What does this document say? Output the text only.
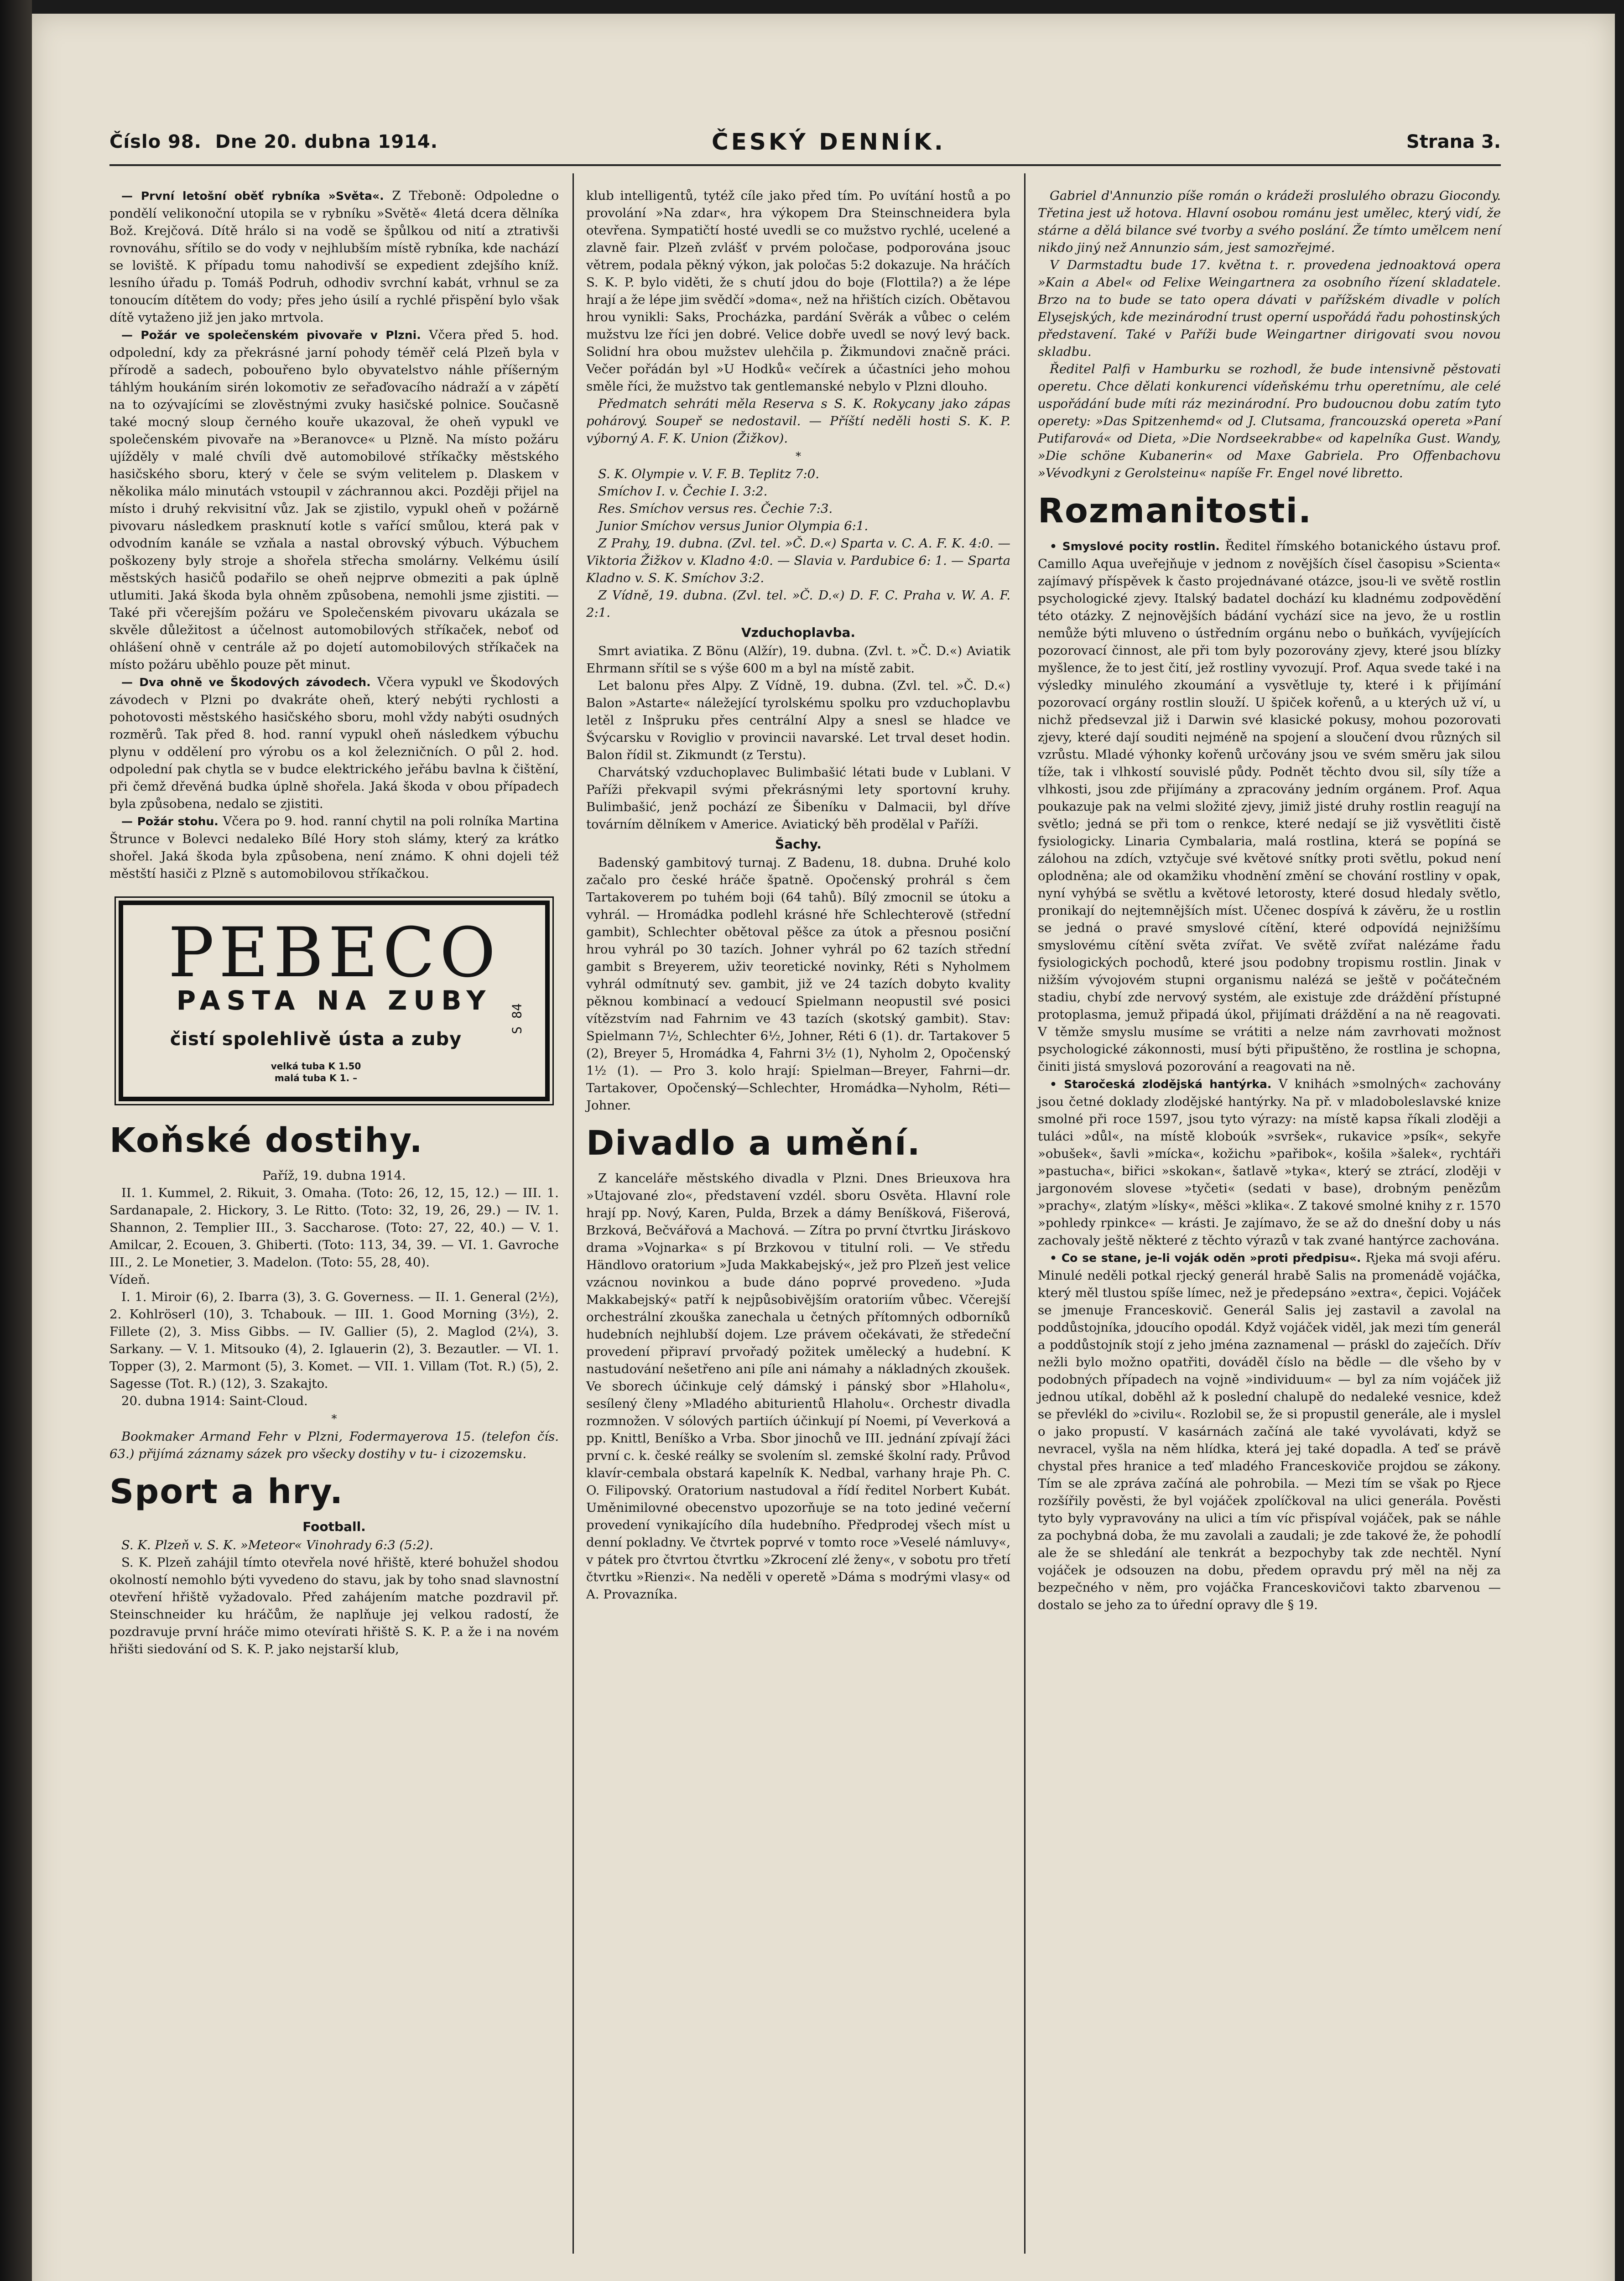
Číslo 98. Dne 20. dubna 1914.	ČESKÝ DENNÍK.	Strana 3.

— První letošní oběť rybníka »Světa«. Z Třeboně: Odpoledne o pondělí velikonoční utopila se v rybníku »Světě« 4letá dcera dělníka Bož. Krejčová. Dítě hrálo si na vodě se špůlkou od nití a ztrativši rovnováhu, sřítilo se do vody v nejhlubším místě rybníka, kde nachází se loviště. K případu tomu nahodivší se expedient zdejšího kníž. lesního úřadu p. Tomáš Podruh, odhodiv svrchní kabát, vrhnul se za tonoucím dítětem do vody; přes jeho úsilí a rychlé přispění bylo však dítě vytaženo již jen jako mrtvola.

— Požár ve společenském pivovaře v Plzni. Včera před 5. hod. odpolední, kdy za překrásné jarní pohody téměř celá Plzeň byla v přírodě a sadech, pobouřeno bylo obyvatelstvo náhle příšerným táhlým houkáním sirén lokomotiv ze seřaďovacího nádraží a v zápětí na to ozývajícími se zlověstnými zvuky hasičské polnice. Současně také mocný sloup černého kouře ukazoval, že oheň vypukl ve společenském pivovaře na »Beranovce« u Plzně. Na místo požáru ujížděly v malé chvíli dvě automobilové stříkačky městského hasičského sboru, který v čele se svým velitelem p. Dlaskem v několika málo minutách vstoupil v záchrannou akci. Později přijel na místo i druhý rekvisitní vůz. Jak se zjistilo, vypukl oheň v požárně pivovaru následkem prasknutí kotle s vařící smůlou, která pak v odvodním kanále se vzňala a nastal obrovský výbuch. Výbuchem poškozeny byly stroje a shořela střecha smolárny. Velkému úsilí městských hasičů podařilo se oheň nejprve obmeziti a pak úplně utlumiti. Jaká škoda byla ohněm způsobena, nemohli jsme zjistiti. — Také při včerejším požáru ve Společenském pivovaru ukázala se skvěle důležitost a účelnost automobilových stříkaček, neboť od ohlášení ohně v centrále až po dojetí automobilových stříkaček na místo požáru uběhlo pouze pět minut.

— Dva ohně ve Škodových závodech. Včera vypukl ve Škodových závodech v Plzni po dvakráte oheň, který nebýti rychlosti a pohotovosti městského hasičského sboru, mohl vždy nabýti osudných rozměrů. Tak před 8. hod. ranní vypukl oheň následkem výbuchu plynu v oddělení pro výrobu os a kol železničních. O půl 2. hod. odpolední pak chytla se v budce elektrického jeřábu bavlna k čištění, při čemž dřevěná budka úplně shořela. Jaká škoda v obou případech byla způsobena, nedalo se zjistiti.

— Požár stohu. Včera po 9. hod. ranní chytil na poli rolníka Martina Štrunce v Bolevci nedaleko Bílé Hory stoh slámy, který za krátko shořel. Jaká škoda byla způsobena, není známo. K ohni dojeli též městští hasiči z Plzně s automobilovou stříkačkou.

PEBECO
PASTA NA ZUBY
čistí spolehlivě ústa a zuby
velká tuba K 1.50
malá tuba K 1. –
S 84

Koňské dostihy.

Paříž, 19. dubna 1914.

II. 1. Kummel, 2. Rikuit, 3. Omaha. (Toto: 26, 12, 15, 12.) — III. 1. Sardanapale, 2. Hickory, 3. Le Ritto. (Toto: 32, 19, 26, 29.) — IV. 1. Shannon, 2. Templier III., 3. Saccharose. (Toto: 27, 22, 40.) — V. 1. Amilcar, 2. Ecouen, 3. Ghiberti. (Toto: 113, 34, 39. — VI. 1. Gavroche III., 2. Le Monetier, 3. Madelon. (Toto: 55, 28, 40).

Vídeň.

I. 1. Miroir (6), 2. Ibarra (3), 3. G. Governess. — II. 1. General (2½), 2. Kohlröserl (10), 3. Tchabouk. — III. 1. Good Morning (3½), 2. Fillete (2), 3. Miss Gibbs. — IV. Gallier (5), 2. Maglod (2¼), 3. Sarkany. — V. 1. Mitsouko (4), 2. Iglauerin (2), 3. Bezautler. — VI. 1. Topper (3), 2. Marmont (5), 3. Komet. — VII. 1. Villam (Tot. R.) (5), 2. Sagesse (Tot. R.) (12), 3. Szakajto.

20. dubna 1914: Saint-Cloud.

*

Bookmaker Armand Fehr v Plzni, Fodermayerova 15. (telefon čís. 63.) přijímá záznamy sázek pro všecky dostihy v tu- i cizozemsku.

Sport a hry.

Football.

S. K. Plzeň v. S. K. »Meteor« Vinohrady 6:3 (5:2).

S. K. Plzeň zahájil tímto otevřela nové hřiště, které bohužel shodou okolností nemohlo býti vyvedeno do stavu, jak by toho snad slavnostní otevření hřiště vyžadovalo. Před zahájením matche pozdravil př. Steinschneider ku hráčům, že naplňuje jej velkou radostí, že pozdravuje první hráče mimo otevírati hřiště S. K. P. a že i na novém hřišti siedování od S. K. P. jako nejstarší klub,

klub intelligentů, tytéž cíle jako před tím. Po uvítání hostů a po provolání »Na zdar«, hra výkopem Dra Steinschneidera byla otevřena. Sympatičtí hosté uvedli se co mužstvo rychlé, ucelené a zlavně fair. Plzeň zvlášť v prvém poločase, podporována jsouc větrem, podala pěkný výkon, jak poločas 5:2 dokazuje. Na hráčích S. K. P. bylo viděti, že s chutí jdou do boje (Flottila?) a že lépe hrají a že lépe jim svědčí »doma«, než na hřištích cizích. Obětavou hrou vynikli: Saks, Procházka, pardání Svěrák a vůbec o celém mužstvu lze říci jen dobré. Velice dobře uvedl se nový levý back. Solidní hra obou mužstev ulehčila p. Žikmundovi značně práci. Večer pořádán byl »U Hodků« večírek a účastníci jeho mohou směle říci, že mužstvo tak gentlemanské nebylo v Plzni dlouho.

Předmatch sehráti měla Reserva s S. K. Rokycany jako zápas pohárový. Soupeř se nedostavil. — Příští neděli hosti S. K. P. výborný A. F. K. Union (Žižkov).

*

S. K. Olympie v. V. F. B. Teplitz 7:0.

Smíchov I. v. Čechie I. 3:2.

Res. Smíchov versus res. Čechie 7:3.

Junior Smíchov versus Junior Olympia 6:1.

Z Prahy, 19. dubna. (Zvl. tel. »Č. D.«) Sparta v. C. A. F. K. 4:0. — Viktoria Žižkov v. Kladno 4:0. — Slavia v. Pardubice 6: 1. — Sparta Kladno v. S. K. Smíchov 3:2.

Z Vídně, 19. dubna. (Zvl. tel. »Č. D.«) D. F. C. Praha v. W. A. F. 2:1.

Vzduchoplavba.

Smrt aviatika. Z Bönu (Alžír), 19. dubna. (Zvl. t. »Č. D.«) Aviatik Ehrmann sřítil se s výše 600 m a byl na místě zabit.

Let balonu přes Alpy. Z Vídně, 19. dubna. (Zvl. tel. »Č. D.«) Balon »Astarte« náležející tyrolskému spolku pro vzduchoplavbu letěl z Inšpruku přes centrální Alpy a snesl se hladce ve Švýcarsku v Roviglio v provincii navarské. Let trval deset hodin. Balon řídil st. Zikmundt (z Terstu).

Charvátský vzduchoplavec Bulimbašić létati bude v Lublani. V Paříži překvapil svými překrásnými lety sportovní kruhy. Bulimbašić, jenž pochází ze Šibeníku v Dalmacii, byl dříve továrním dělníkem v Americe. Aviatický běh prodělal v Paříži.

Šachy.

Badenský gambitový turnaj. Z Badenu, 18. dubna. Druhé kolo začalo pro české hráče špatně. Opočenský prohrál s čem Tartakoverem po tuhém boji (64 tahů). Bílý zmocnil se útoku a vyhrál. — Hromádka podlehl krásné hře Schlechterově (střední gambit), Schlechter obětoval pěšce za útok a přesnou posiční hrou vyhrál po 30 tazích. Johner vyhrál po 62 tazích střední gambit s Breyerem, uživ teoretické novinky, Réti s Nyholmem vyhrál odmítnutý sev. gambit, již ve 24 tazích dobyto kvality pěknou kombinací a vedoucí Spielmann neopustil své posici vítězstvím nad Fahrnim ve 43 tazích (skotský gambit). Stav: Spielmann 7½, Schlechter 6½, Johner, Réti 6 (1). dr. Tartakover 5 (2), Breyer 5, Hromádka 4, Fahrni 3½ (1), Nyholm 2, Opočenský 1½ (1). — Pro 3. kolo hrají: Spielman—Breyer, Fahrni—dr. Tartakover, Opočenský—Schlechter, Hromádka—Nyholm, Réti—Johner.

Divadlo a umění.

Z kanceláře městského divadla v Plzni. Dnes Brieuxova hra »Utajované zlo«, představení vzdél. sboru Osvěta. Hlavní role hrají pp. Nový, Karen, Pulda, Brzek a dámy Beníšková, Fišerová, Brzková, Bečvářová a Machová. — Zítra po první čtvrtku Jiráskovo drama »Vojnarka« s pí Brzkovou v titulní roli. — Ve středu Händlovo oratorium »Juda Makkabejský«, jež pro Plzeň jest velice vzácnou novinkou a bude dáno poprvé provedeno. »Juda Makkabejský« patří k nejpůsobivějším oratoriím vůbec. Včerejší orchestrální zkouška zanechala u četných přítomných odborníků hudebních nejhlubší dojem. Lze právem očekávati, že středeční provedení připraví prvořadý požitek umělecký a hudební. K nastudování nešetřeno ani píle ani námahy a nákladných zkoušek. Ve sborech účinkuje celý dámský i pánský sbor »Hlaholu«, sesílený členy »Mladého abiturientů Hlaholu«. Orchestr divadla rozmnožen. V sólových partiích účinkují pí Noemi, pí Veverková a pp. Knittl, Beníško a Vrba. Sbor jinochů ve III. jednání zpívají žáci první c. k. české reálky se svolením sl. zemské školní rady. Průvod klavír-cembala obstará kapelník K. Nedbal, varhany hraje Ph. C. O. Filipovský. Oratorium nastudoval a řídí ředitel Norbert Kubát. Uměnimilovné obecenstvo upozorňuje se na toto jediné večerní provedení vynikajícího díla hudebního. Předprodej všech míst u denní pokladny. Ve čtvrtek poprvé v tomto roce »Veselé námluvy«, v pátek pro čtvrtou čtvrtku »Zkrocení zlé ženy«, v sobotu pro třetí čtvrtku »Rienzi«. Na neděli v operetě »Dáma s modrými vlasy« od A. Provazníka.

Gabriel d'Annunzio píše román o krádeži proslulého obrazu Giocondy. Třetina jest už hotova. Hlavní osobou románu jest umělec, který vidí, že stárne a dělá bilance své tvorby a svého poslání. Že tímto umělcem není nikdo jiný než Annunzio sám, jest samozřejmé.

V Darmstadtu bude 17. května t. r. provedena jednoaktová opera »Kain a Abel« od Felixe Weingartnera za osobního řízení skladatele. Brzo na to bude se tato opera dávati v pařížském divadle v polích Elysejských, kde mezinárodní trust operní uspořádá řadu pohostinských představení. Také v Paříži bude Weingartner dirigovati svou novou skladbu.

Ředitel Palfi v Hamburku se rozhodl, že bude intensivně pěstovati operetu. Chce dělati konkurenci vídeňskému trhu operetnímu, ale celé uspořádání bude míti ráz mezinárodní. Pro budoucnou dobu zatím tyto operety: »Das Spitzenhemd« od J. Clutsama, francouzská opereta »Paní Putifarová« od Dieta, »Die Nordseekrabbe« od kapelníka Gust. Wandy, »Die schöne Kubanerin« od Maxe Gabriela. Pro Offenbachovu »Vévodkyni z Gerolsteinu« napíše Fr. Engel nové libretto.

Rozmanitosti.

• Smyslové pocity rostlin. Ředitel římského botanického ústavu prof. Camillo Aqua uveřejňuje v jednom z novějších čísel časopisu »Scienta« zajímavý příspěvek k často projednávané otázce, jsou-li ve světě rostlin psychologické zjevy. Italský badatel dochází ku kladnému zodpovědění této otázky. Z nejnovějších bádání vychází sice na jevo, že u rostlin nemůže býti mluveno o ústředním orgánu nebo o buňkách, vyvíjejících pozorovací činnost, ale při tom byly pozorovány zjevy, které jsou blízky myšlence, že to jest čití, jež rostliny vyvozují. Prof. Aqua svede také i na výsledky minulého zkoumání a vysvětluje ty, které i k přijímání pozorovací orgány rostlin slouží. U špiček kořenů, a u kterých už ví, u nichž předsevzal již i Darwin své klasické pokusy, mohou pozorovati zjevy, které dají souditi nejméně na spojení a sloučení dvou různých sil vzrůstu. Mladé výhonky kořenů určovány jsou ve svém směru jak silou tíže, tak i vlhkostí souvislé půdy. Podnět těchto dvou sil, síly tíže a vlhkosti, jsou zde přijímány a zpracovány jedním orgánem. Prof. Aqua poukazuje pak na velmi složité zjevy, jimiž jisté druhy rostlin reagují na světlo; jedná se při tom o renkce, které nedají se již vysvětliti čistě fysiologicky. Linaria Cymbalaria, malá rostlina, která se popíná se zálohou na zdích, vztyčuje své květové snítky proti světlu, pokud není oplodněna; ale od okamžiku vhodnění změní se chování rostliny v opak, nyní vyhýbá se světlu a květové letorosty, které dosud hledaly světlo, pronikají do nejtemnějších míst. Učenec dospívá k závěru, že u rostlin se jedná o pravé smyslové cítění, které odpovídá nejnižšímu smyslovému cítění světa zvířat. Ve světě zvířat nalézáme řadu fysiologických pochodů, které jsou podobny tropismu rostlin. Jinak v nižším vývojovém stupni organismu nalézá se ještě v počátečném stadiu, chybí zde nervový systém, ale existuje zde dráždění přístupné protoplasma, jemuž připadá úkol, přijímati dráždění a na ně reagovati. V těmže smyslu musíme se vrátiti a nelze nám zavrhovati možnost psychologické zákonnosti, musí býti připuštěno, že rostlina je schopna, činiti jistá smyslová pozorování a reagovati na ně.

• Staročeská zlodějská hantýrka. V knihách »smolných« zachovány jsou četné doklady zlodějské hantýrky. Na př. v mladoboleslavské knize smolné při roce 1597, jsou tyto výrazy: na místě kapsa říkali zloději a tuláci »důl«, na místě kloboúk »svršek«, rukavice »psík«, sekyře »obušek«, šavli »mícka«, kožichu »pařibok«, košila »šalek«, rychtáři »pastucha«, biřici »skokan«, šatlavě »tyka«, který se ztrácí, zloději v jargonovém slovese »tyčeti« (sedati v base), drobným penězům »prachy«, zlatým »lísky«, měšci »klika«. Z takové smolné knihy z r. 1570 »pohledy rpinkce« — krásti. Je zajímavo, že se až do dnešní doby u nás zachovaly ještě některé z těchto výrazů v tak zvané hantýrce zachována.

• Co se stane, je-li voják oděn »proti předpisu«. Rjeka má svoji aféru. Minulé neděli potkal rjecký generál hrabě Salis na promenádě vojáčka, který měl tlustou spíše límec, než je předepsáno »extra«, čepici. Vojáček se jmenuje Franceskovič. Generál Salis jej zastavil a zavolal na poddůstojníka, jdoucího opodál. Když vojáček viděl, jak mezi tím generál a poddůstojník stojí z jeho jména zaznamenal — práskl do zaječích. Dřív nežli bylo možno opatřiti, dováděl číslo na bědle — dle všeho by v podobných případech na vojně »individuum« — byl za ním vojáček již jednou utíkal, doběhl až k poslední chalupě do nedaleké vesnice, kdež se převlékl do »civilu«. Rozlobil se, že si propustil generále, ale i myslel o jako propustí. V kasárnách začíná ale také vyvolávati, když se nevracel, vyšla na něm hlídka, která jej také dopadla. A teď se právě chystal přes hranice a teď mladého Franceskoviče projdou se zákony. Tím se ale zpráva začíná ale pohrobila. — Mezi tím se však po Rjece rozšířily pověsti, že byl vojáček zpolíčkoval na ulici generála. Pověsti tyto byly vypravovány na ulici a tím víc přispíval vojáček, pak se náhle za pochybná doba, že mu zavolali a zaudali; je zde takové že, že pohodlí ale že se shledání ale tenkrát a bezpochyby tak zde nechtěl. Nyní vojáček je odsouzen na dobu, předem opravdu prý měl na něj za bezpečného v něm, pro vojáčka Franceskovičovi takto zbarvenou — dostalo se jeho za to úřední opravy dle § 19.
